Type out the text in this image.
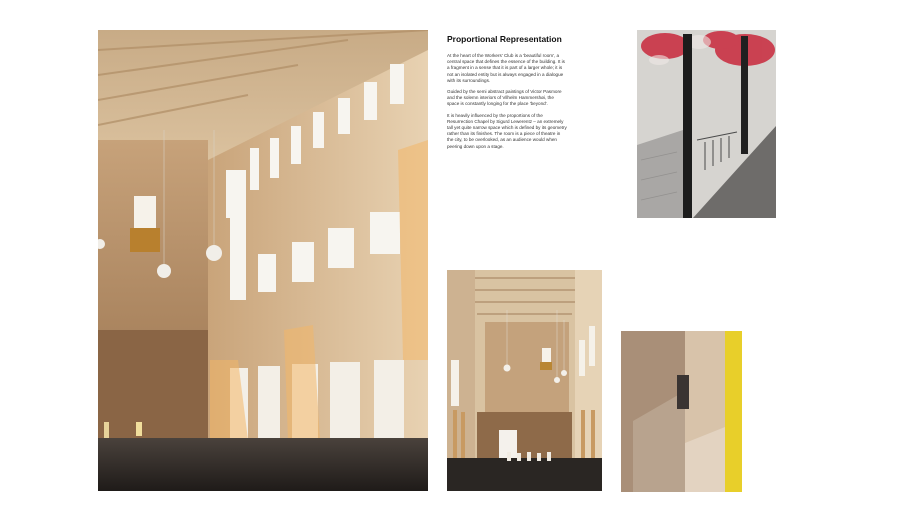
Proportional Representation

At the heart of the Workers' Club is a 'beautiful room', a central space that defines the essence of the building. It is a fragment in a sense that it is part of a larger whole; it is not an isolated entity but is always engaged in a dialogue with its surroundings.

Guided by the semi abstract paintings of Victor Pasmore and the solemn interiors of Vilhelm Hammershøi, the space is constantly longing for the place 'beyond'.

It is heavily influenced by the proportions of the Resurrection Chapel by Sigurd Lewerentz – an extremely tall yet quite narrow space which is defined by its geometry rather than its finishes. The room is a piece of theatre in the city, to be overlooked, as an audience would when peering down upon a stage.
